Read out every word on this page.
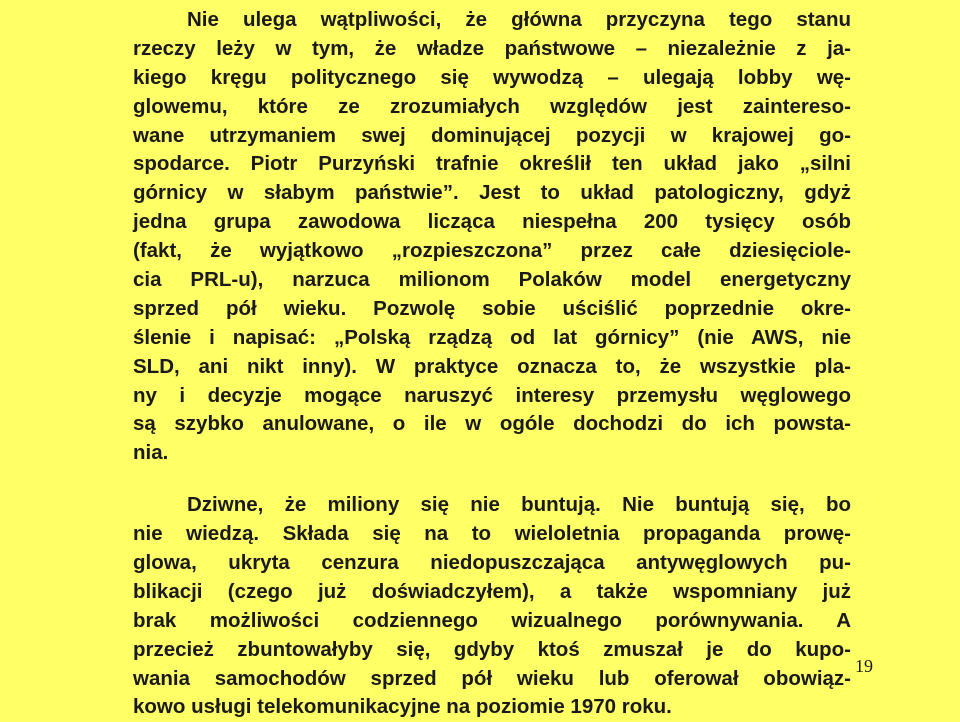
Nie ulega wątpliwości, że główna przyczyna tego stanu
rzeczy leży w tym, że władze państwowe – niezależnie z ja-
kiego kręgu politycznego się wywodzą – ulegają lobby wę-
glowemu, które ze zrozumiałych względów jest zaintereso-
wane utrzymaniem swej dominującej pozycji w krajowej go-
spodarce. Piotr Purzyński trafnie określił ten układ jako „silni
górnicy w słabym państwie”. Jest to układ patologiczny, gdyż
jedna grupa zawodowa licząca niespełna 200 tysięcy osób
(fakt, że wyjątkowo „rozpieszczona” przez całe dziesięciole-
cia PRL-u), narzuca milionom Polaków model energetyczny
sprzed pół wieku. Pozwolę sobie uściślić poprzednie okre-
ślenie i napisać: „Polską rządzą od lat górnicy” (nie AWS, nie
SLD, ani nikt inny). W praktyce oznacza to, że wszystkie pla-
ny i decyzje mogące naruszyć interesy przemysłu węglowego
są szybko anulowane, o ile w ogóle dochodzi do ich powsta-
nia.
Dziwne, że miliony się nie buntują. Nie buntują się, bo
nie wiedzą. Składa się na to wieloletnia propaganda prowę-
glowa, ukryta cenzura niedopuszczająca antywęglowych pu-
blikacji (czego już doświadczyłem), a także wspomniany już
brak możliwości codziennego wizualnego porównywania. A
przecież zbuntowałyby się, gdyby ktoś zmuszał je do kupo-
wania samochodów sprzed pół wieku lub oferował obowiąz-
kowo usługi telekomunikacyjne na poziomie 1970 roku.
19
